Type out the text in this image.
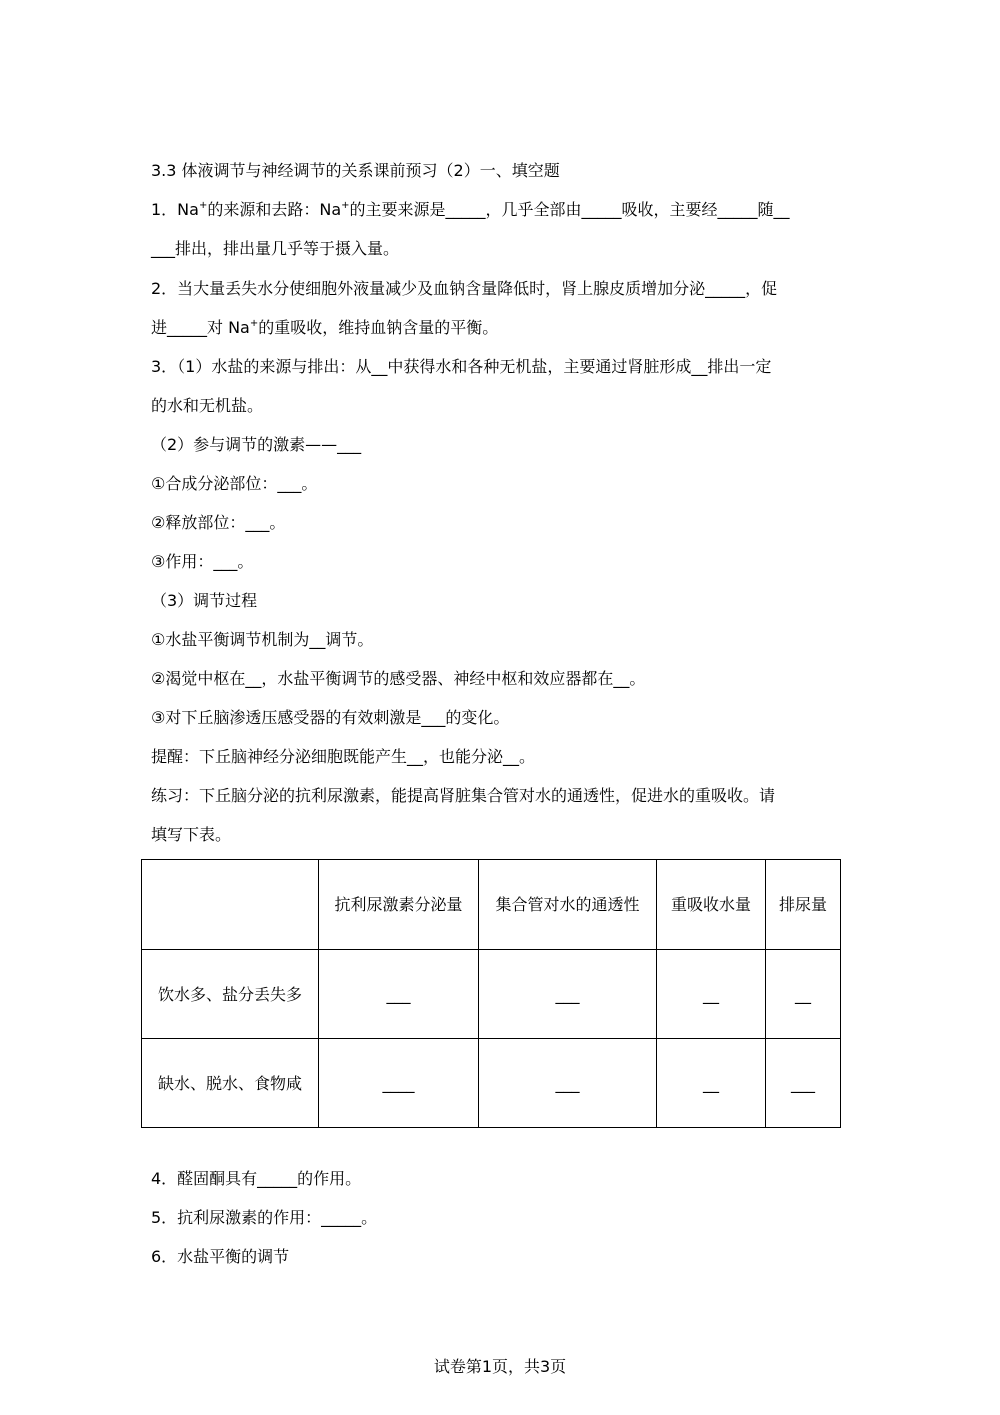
3.3 体液调节与神经调节的关系课前预习（2）一、填空题

1．Na+的来源和去路：Na+的主要来源是_____，几乎全部由_____吸收，主要经_____随__

___排出，排出量几乎等于摄入量。

2．当大量丢失水分使细胞外液量减少及血钠含量降低时，肾上腺皮质增加分泌_____，促

进_____对 Na+的重吸收，维持血钠含量的平衡。

3．（1）水盐的来源与排出：从__中获得水和各种无机盐，主要通过肾脏形成__排出一定

的水和无机盐。

（2）参与调节的激素——___

①合成分泌部位：___。

②释放部位：___。

③作用：___。

（3）调节过程

①水盐平衡调节机制为__调节。

②渴觉中枢在__，水盐平衡调节的感受器、神经中枢和效应器都在__。

③对下丘脑渗透压感受器的有效刺激是___的变化。

提醒：下丘脑神经分泌细胞既能产生__，也能分泌__。

练习：下丘脑分泌的抗利尿激素，能提高肾脏集合管对水的通透性，促进水的重吸收。请

填写下表。

	抗利尿激素分泌量	集合管对水的通透性	重吸收水量	排尿量
饮水多、盐分丢失多	___	___	__	__
缺水、脱水、食物咸	____	___	__	___

4．醛固酮具有_____的作用。

5．抗利尿激素的作用：_____。

6．水盐平衡的调节

试卷第1页，共3页
